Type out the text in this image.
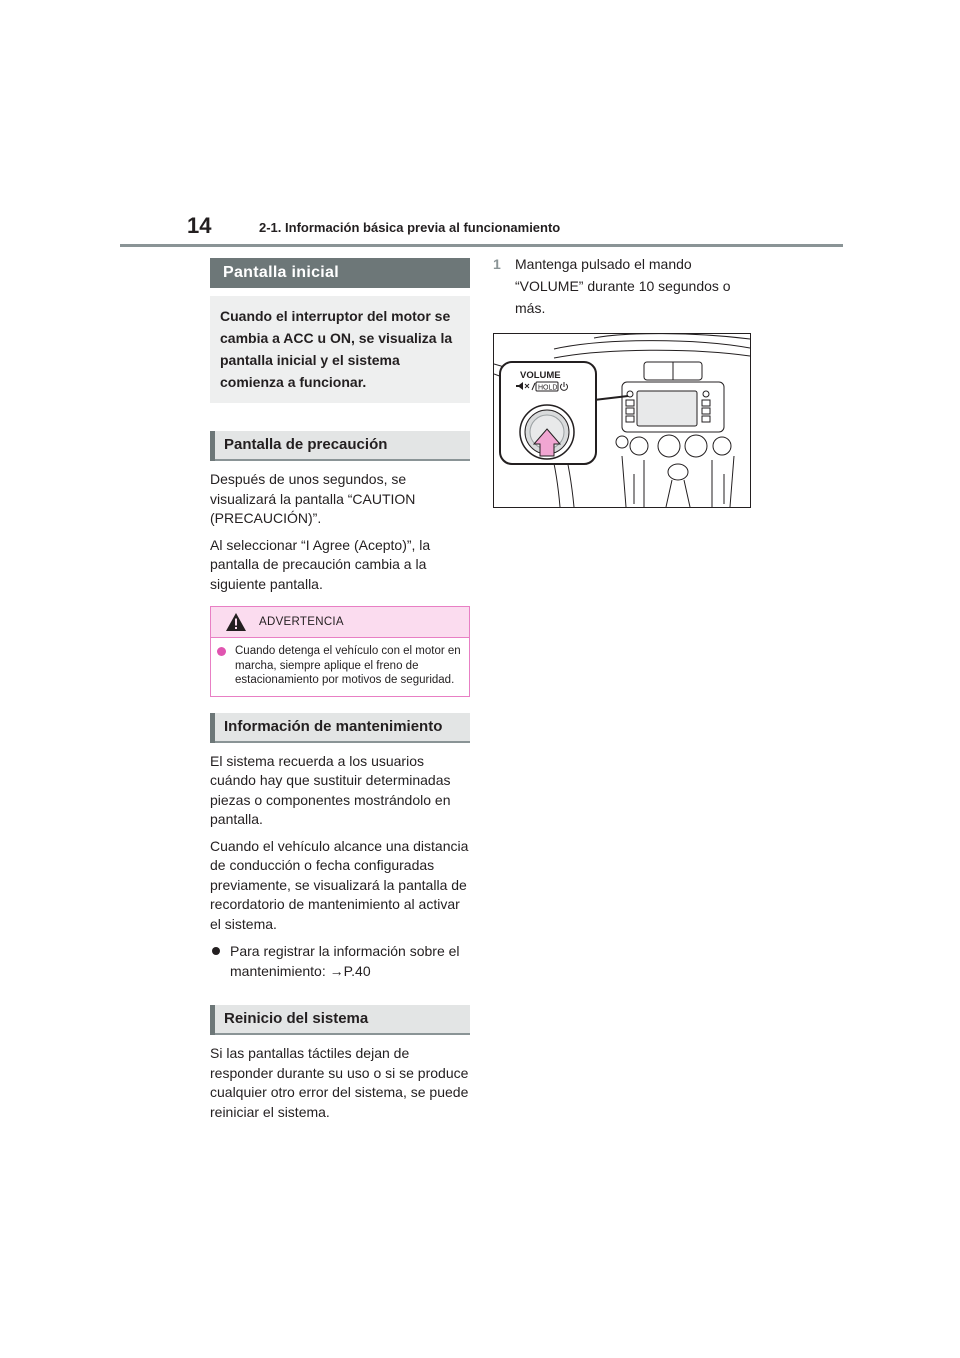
14	2-1. Información básica previa al funcionamiento
Pantalla inicial
Cuando el interruptor del motor se cambia a ACC u ON, se visualiza la pantalla inicial y el sistema comienza a funcionar.
Pantalla de precaución

Después de unos segundos, se visualizará la pantalla “CAUTION (PRECAUCIÓN)”.

Al seleccionar “I Agree (Acepto)”, la pantalla de precaución cambia a la siguiente pantalla.

ADVERTENCIA
Cuando detenga el vehículo con el motor en marcha, siempre aplique el freno de estacionamiento por motivos de seguridad.
Información de mantenimiento

El sistema recuerda a los usuarios cuándo hay que sustituir determinadas piezas o componentes mostrándolo en pantalla.

Cuando el vehículo alcance una distancia de conducción o fecha configuradas previamente, se visualizará la pantalla de recordatorio de mantenimiento al activar el sistema.

Para registrar la información sobre el mantenimiento: →P.40
Reinicio del sistema

Si las pantallas táctiles dejan de responder durante su uso o si se produce cualquier otro error del sistema, se puede reiniciar el sistema.

1	Mantenga pulsado el mando “VOLUME” durante 10 segundos o más.
VOLUME
HOLD
